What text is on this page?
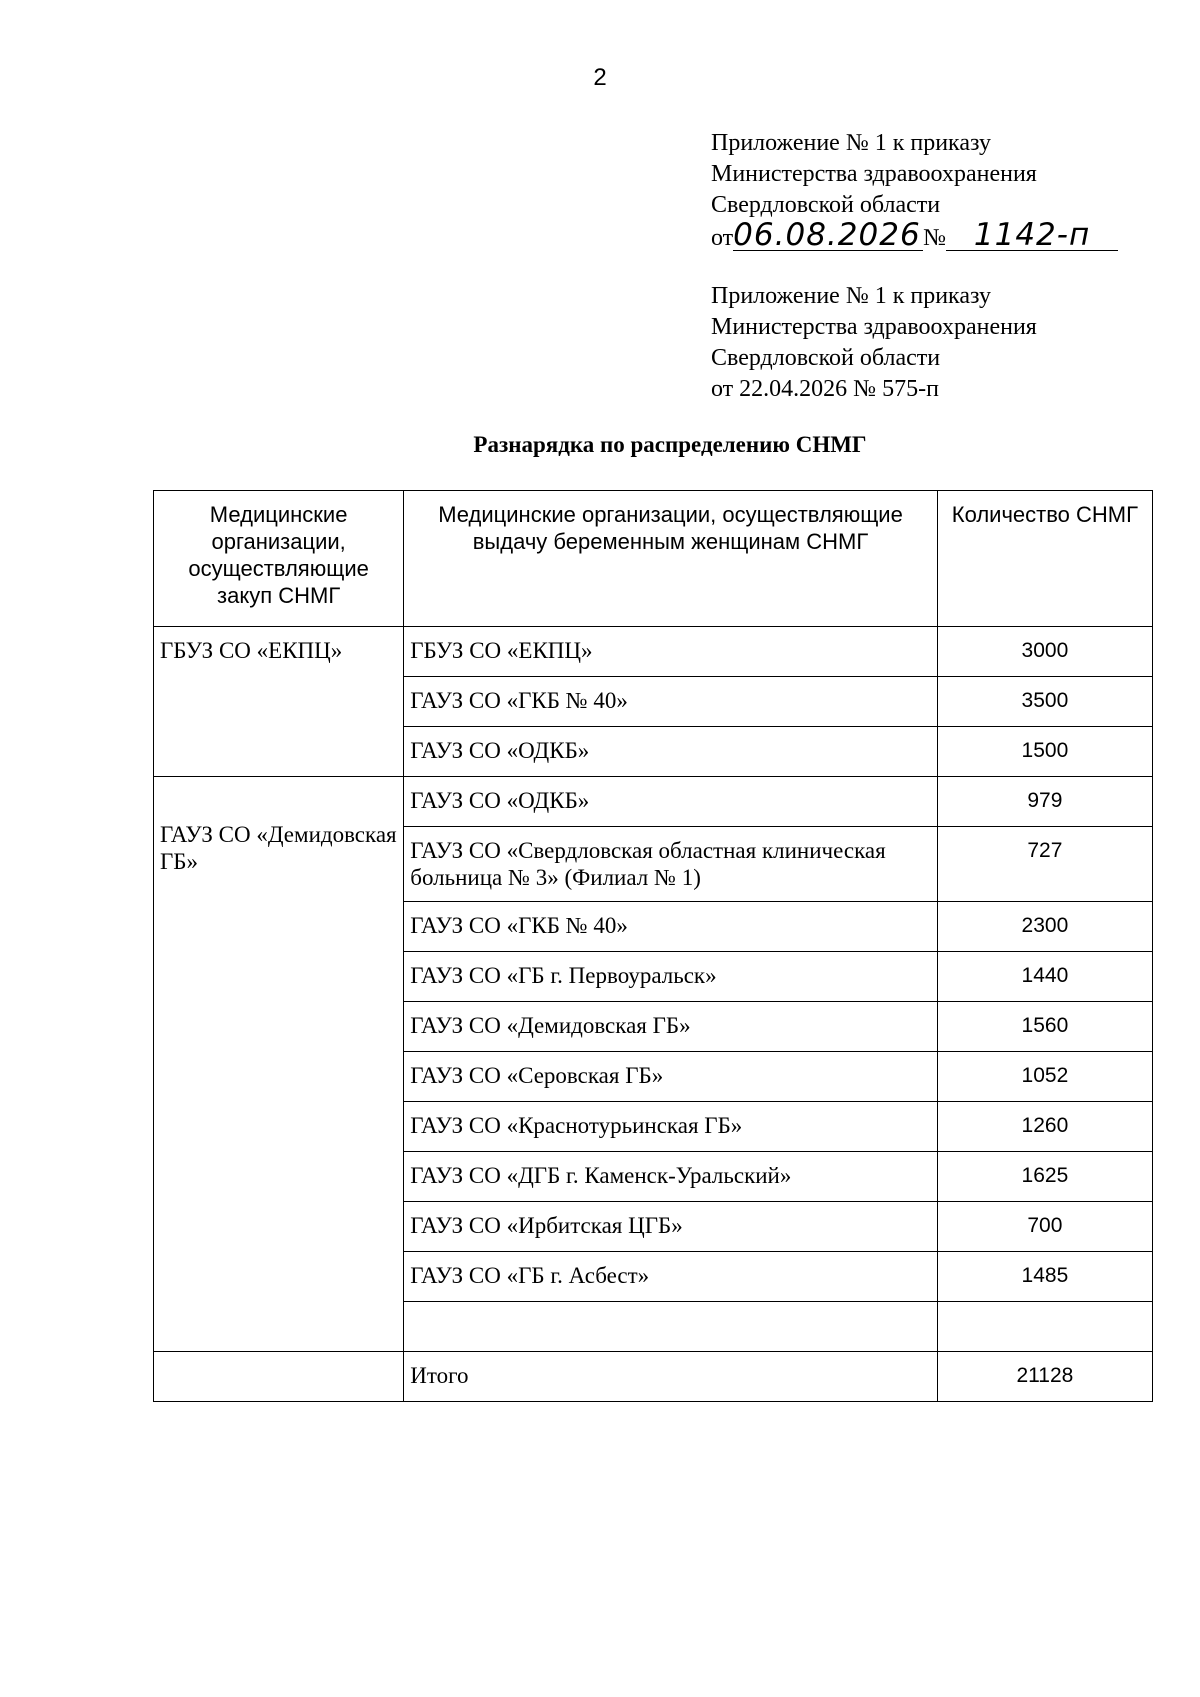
2
Приложение № 1 к приказу
Министерства здравоохранения
Свердловской области
от06.08.2026 № 1142-п
Приложение № 1 к приказу
Министерства здравоохранения
Свердловской области
от 22.04.2026 № 575-п
Разнарядка по распределению СНМГ
Медицинские организации, осуществляющие закуп СНМГ	Медицинские организации, осуществляющие выдачу беременным женщинам СНМГ	Количество СНМГ
ГБУЗ СО «ЕКПЦ»	ГБУЗ СО «ЕКПЦ»	3000
	ГАУЗ СО «ГКБ № 40»	3500
	ГАУЗ СО «ОДКБ»	1500
ГАУЗ СО «Демидовская ГБ»	ГАУЗ СО «ОДКБ»	979
	ГАУЗ СО «Свердловская областная клиническая больница № 3» (Филиал № 1)	727
	ГАУЗ СО «ГКБ № 40»	2300
	ГАУЗ СО «ГБ г. Первоуральск»	1440
	ГАУЗ СО «Демидовская ГБ»	1560
	ГАУЗ СО «Серовская ГБ»	1052
	ГАУЗ СО «Краснотурьинская ГБ»	1260
	ГАУЗ СО «ДГБ г. Каменск-Уральский»	1625
	ГАУЗ СО «Ирбитская ЦГБ»	700
	ГАУЗ СО «ГБ г. Асбест»	1485

	Итого	21128
